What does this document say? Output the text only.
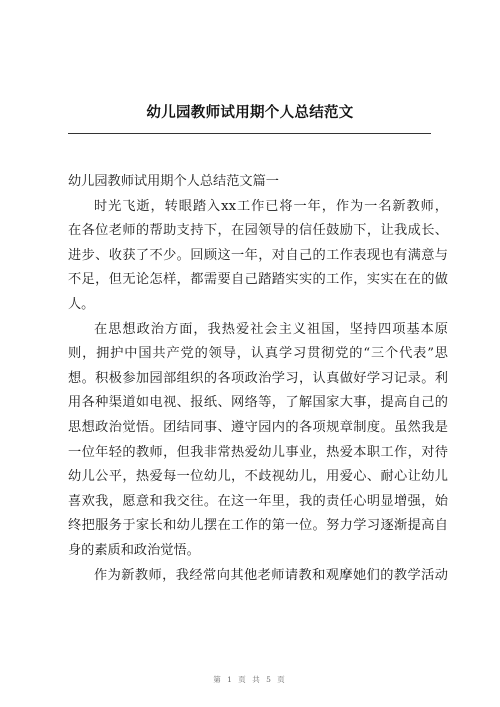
幼儿园教师试用期个人总结范文
幼儿园教师试用期个人总结范文篇一
时光飞逝，转眼踏入xx工作已将一年，作为一名新教师，
在各位老师的帮助支持下，在园领导的信任鼓励下，让我成长、
进步、收获了不少。回顾这一年，对自己的工作表现也有满意与
不足，但无论怎样，都需要自己踏踏实实的工作，实实在在的做
人。
在思想政治方面，我热爱社会主义祖国，坚持四项基本原
则，拥护中国共产党的领导，认真学习贯彻党的“三个代表”思
想。积极参加园部组织的各项政治学习，认真做好学习记录。利
用各种渠道如电视、报纸、网络等，了解国家大事，提高自己的
思想政治觉悟。团结同事、遵守园内的各项规章制度。虽然我是
一位年轻的教师，但我非常热爱幼儿事业，热爱本职工作，对待
幼儿公平，热爱每一位幼儿，不歧视幼儿，用爱心、耐心让幼儿
喜欢我，愿意和我交往。在这一年里，我的责任心明显增强，始
终把服务于家长和幼儿摆在工作的第一位。努力学习逐渐提高自
身的素质和政治觉悟。
作为新教师，我经常向其他老师请教和观摩她们的教学活动
第 1 页 共 5 页
